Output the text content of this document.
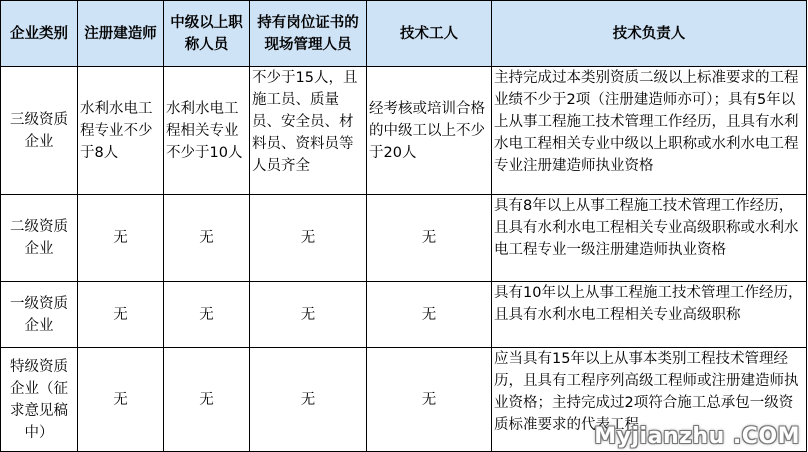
企业类别	注册建造师	中级以上职称人员	持有岗位证书的现场管理人员	技术工人	技术负责人
三级资质企业	水利水电工程专业不少于8人	水利水电工程相关专业不少于10人	不少于15人，且施工员、质量员、安全员、材料员、资料员等人员齐全	经考核或培训合格的中级工以上不少于20人	主持完成过本类别资质二级以上标准要求的工程业绩不少于2项（注册建造师亦可）；具有5年以上从事工程施工技术管理工作经历，且具有水利水电工程相关专业中级以上职称或水利水电工程专业注册建造师执业资格
二级资质企业	无	无	无	无	具有8年以上从事工程施工技术管理工作经历，且具有水利水电工程相关专业高级职称或水利水电工程专业一级注册建造师执业资格
一级资质企业	无	无	无	无	具有10年以上从事工程施工技术管理工作经历，且具有水利水电工程相关专业高级职称
特级资质企业（征求意见稿中）	无	无	无	无	应当具有15年以上从事本类别工程技术管理经历，且具有工程序列高级工程师或注册建造师执业资格；主持完成过2项符合施工总承包一级资质标准要求的代表工程
Myjianzhu .COM
